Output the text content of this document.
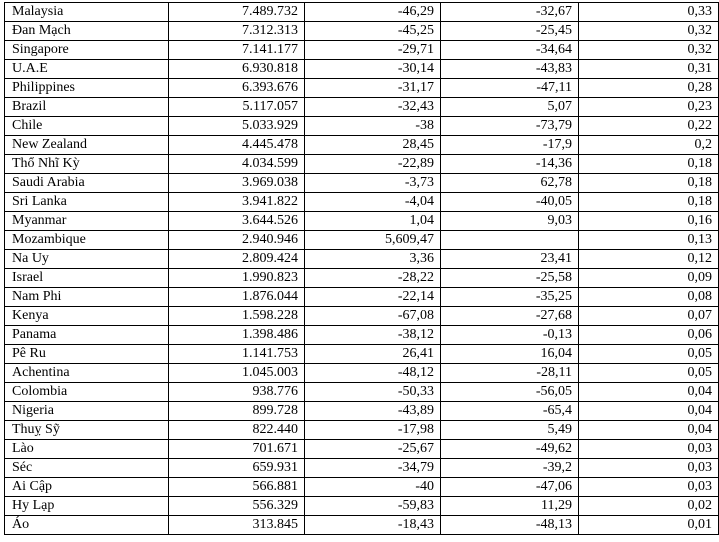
Malaysia	7.489.732	-46,29	-32,67	0,33
Đan Mạch	7.312.313	-45,25	-25,45	0,32
Singapore	7.141.177	-29,71	-34,64	0,32
U.A.E	6.930.818	-30,14	-43,83	0,31
Philippines	6.393.676	-31,17	-47,11	0,28
Brazil	5.117.057	-32,43	5,07	0,23
Chile	5.033.929	-38	-73,79	0,22
New Zealand	4.445.478	28,45	-17,9	0,2
Thổ Nhĩ Kỳ	4.034.599	-22,89	-14,36	0,18
Saudi Arabia	3.969.038	-3,73	62,78	0,18
Sri Lanka	3.941.822	-4,04	-40,05	0,18
Myanmar	3.644.526	1,04	9,03	0,16
Mozambique	2.940.946	5,609,47		0,13
Na Uy	2.809.424	3,36	23,41	0,12
Israel	1.990.823	-28,22	-25,58	0,09
Nam Phi	1.876.044	-22,14	-35,25	0,08
Kenya	1.598.228	-67,08	-27,68	0,07
Panama	1.398.486	-38,12	-0,13	0,06
Pê Ru	1.141.753	26,41	16,04	0,05
Achentina	1.045.003	-48,12	-28,11	0,05
Colombia	938.776	-50,33	-56,05	0,04
Nigeria	899.728	-43,89	-65,4	0,04
Thuỵ Sỹ	822.440	-17,98	5,49	0,04
Lào	701.671	-25,67	-49,62	0,03
Séc	659.931	-34,79	-39,2	0,03
Ai Cập	566.881	-40	-47,06	0,03
Hy Lạp	556.329	-59,83	11,29	0,02
Áo	313.845	-18,43	-48,13	0,01
